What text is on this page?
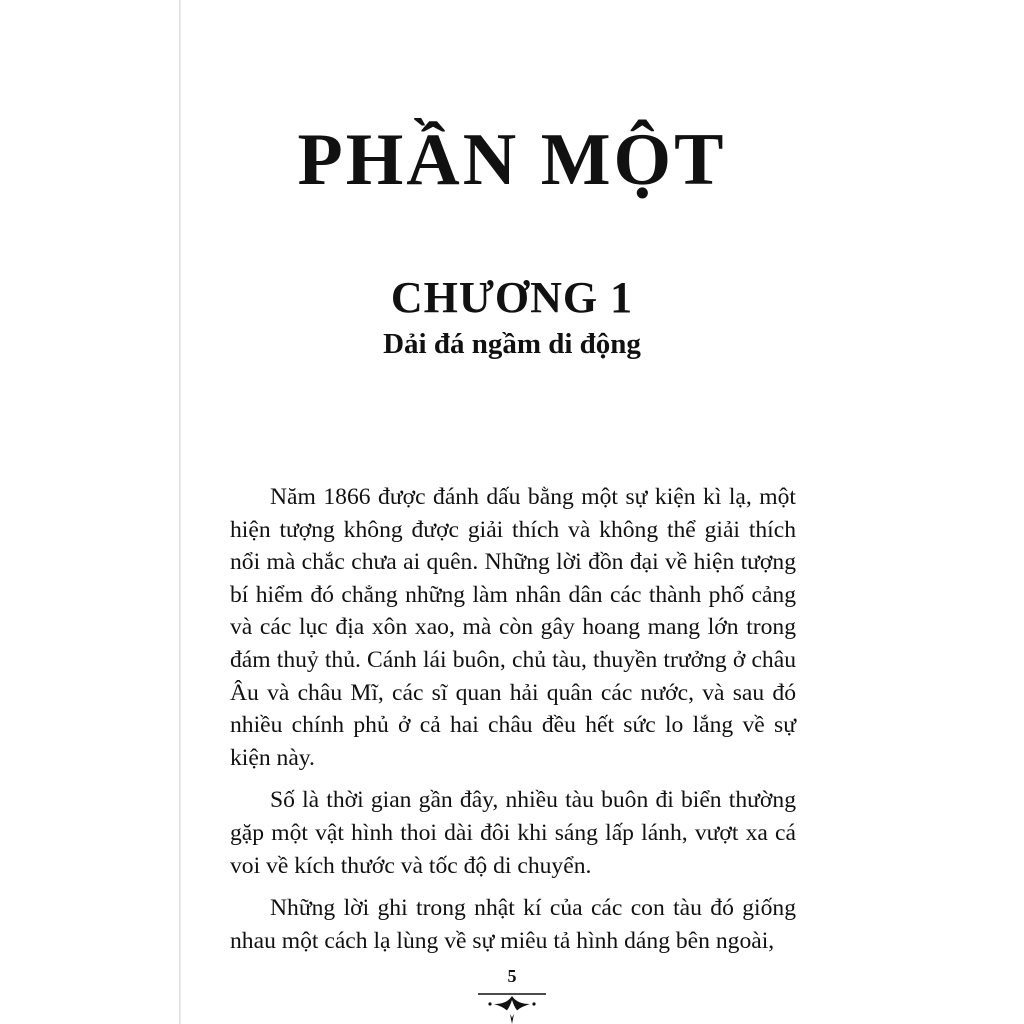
PHẦN MỘT
CHƯƠNG 1
Dải đá ngầm di động

Năm 1866 được đánh dấu bằng một sự kiện kì lạ, một hiện tượng không được giải thích và không thể giải thích nổi mà chắc chưa ai quên. Những lời đồn đại về hiện tượng bí hiểm đó chẳng những làm nhân dân các thành phố cảng và các lục địa xôn xao, mà còn gây hoang mang lớn trong đám thuỷ thủ. Cánh lái buôn, chủ tàu, thuyền trưởng ở châu Âu và châu Mĩ, các sĩ quan hải quân các nước, và sau đó nhiều chính phủ ở cả hai châu đều hết sức lo lắng về sự kiện này.

Số là thời gian gần đây, nhiều tàu buôn đi biển thường gặp một vật hình thoi dài đôi khi sáng lấp lánh, vượt xa cá voi về kích thước và tốc độ di chuyển.

Những lời ghi trong nhật kí của các con tàu đó giống nhau một cách lạ lùng về sự miêu tả hình dáng bên ngoài,

5
